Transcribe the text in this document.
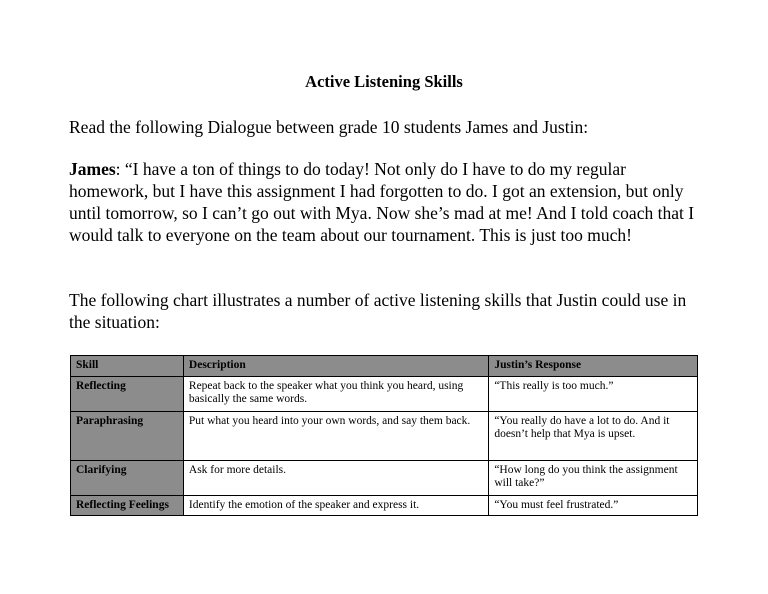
Active Listening Skills
Read the following Dialogue between grade 10 students James and Justin:
James: “I have a ton of things to do today! Not only do I have to do my regular homework, but I have this assignment I had forgotten to do. I got an extension, but only until tomorrow, so I can’t go out with Mya. Now she’s mad at me! And I told coach that I would talk to everyone on the team about our tournament. This is just too much!
The following chart illustrates a number of active listening skills that Justin could use in the situation:
Skill	Description	Justin’s Response
Reflecting	Repeat back to the speaker what you think you heard, using basically the same words.	“This really is too much.”
Paraphrasing	Put what you heard into your own words, and say them back.	“You really do have a lot to do. And it doesn’t help that Mya is upset.
Clarifying	Ask for more details.	“How long do you think the assignment will take?”
Reflecting Feelings	Identify the emotion of the speaker and express it.	“You must feel frustrated.”
